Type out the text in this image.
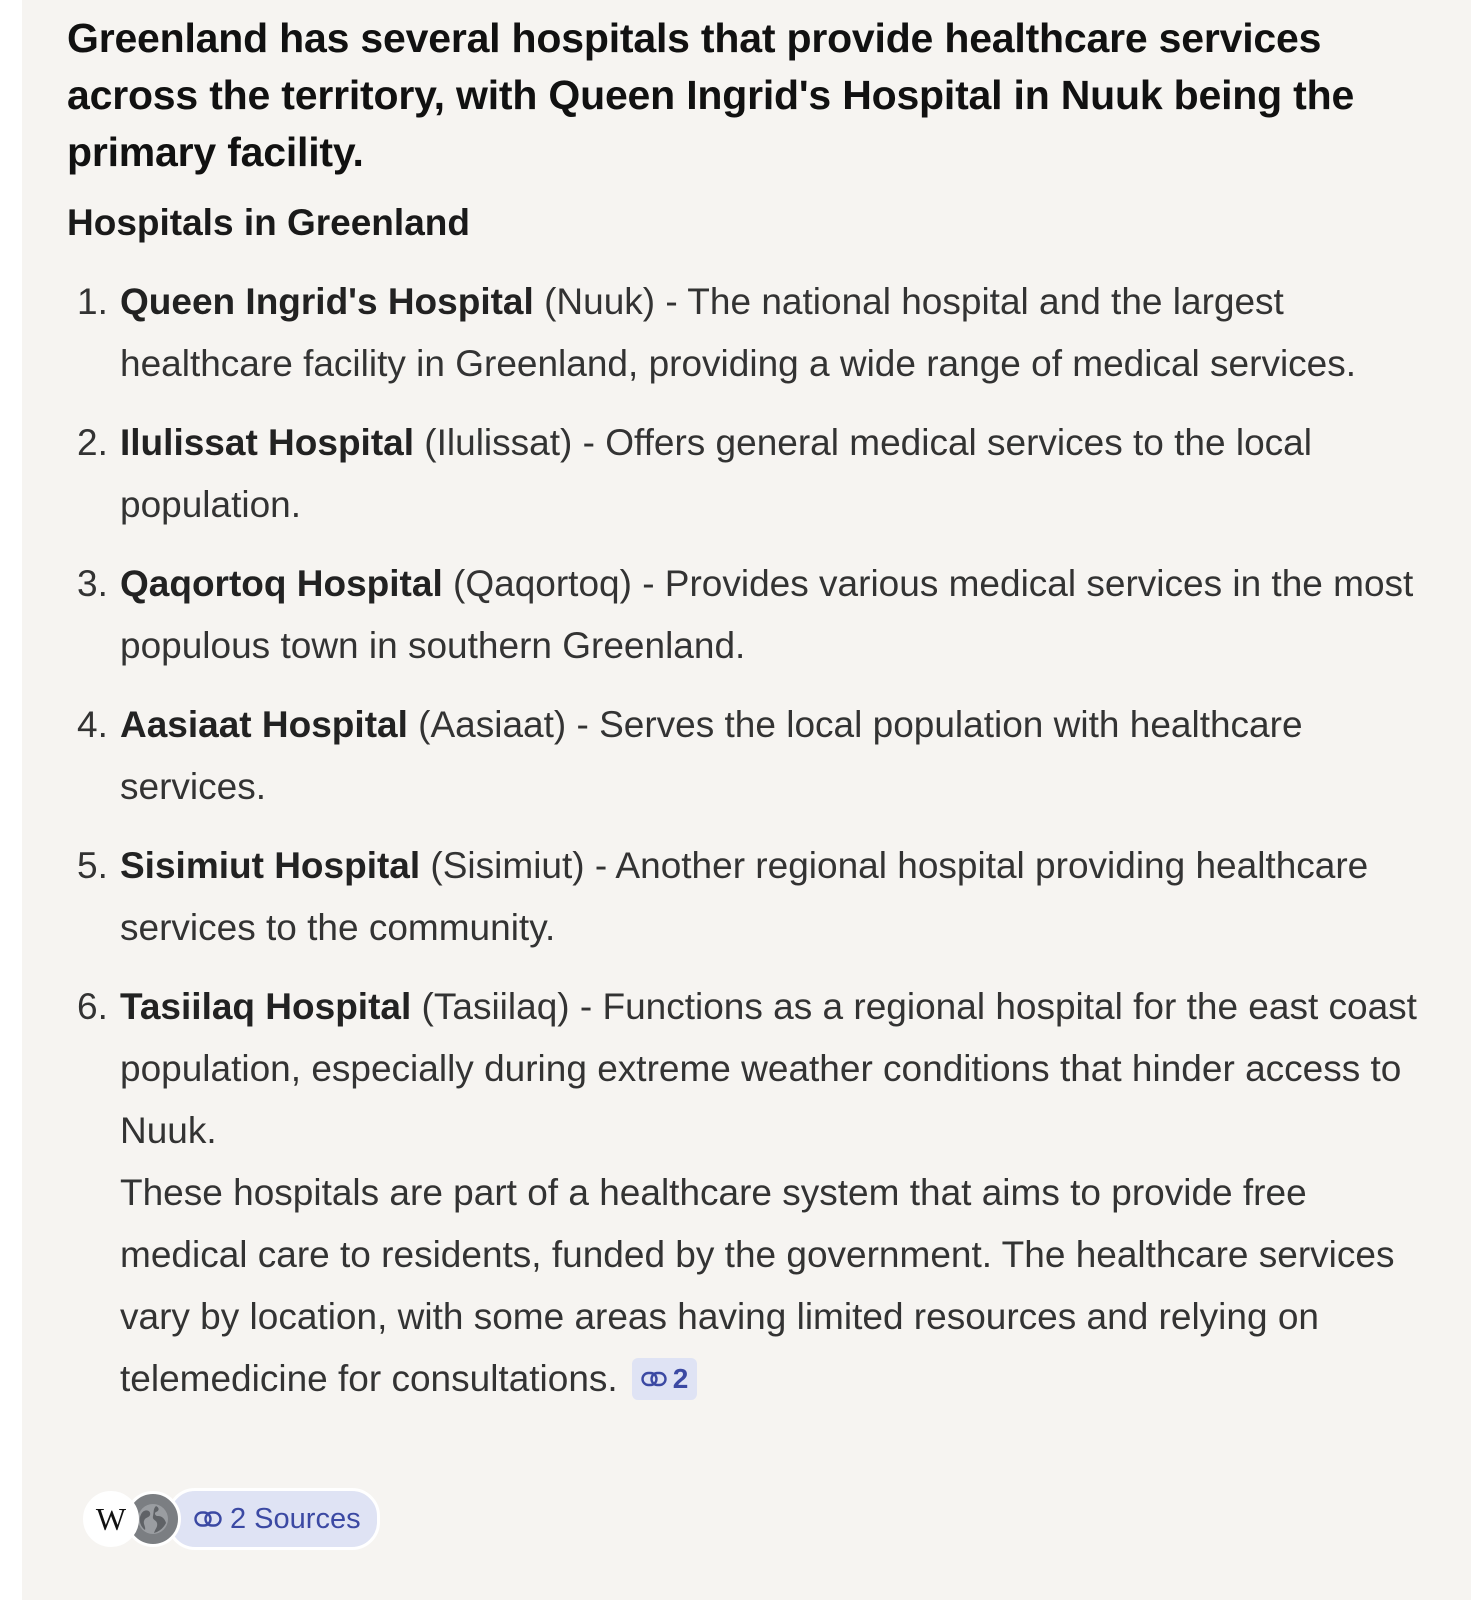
Greenland has several hospitals that provide healthcare services across the territory, with Queen Ingrid's Hospital in Nuuk being the primary facility.

Hospitals in Greenland
1. Queen Ingrid's Hospital (Nuuk) - The national hospital and the largest healthcare facility in Greenland, providing a wide range of medical services.
2. Ilulissat Hospital (Ilulissat) - Offers general medical services to the local population.
3. Qaqortoq Hospital (Qaqortoq) - Provides various medical services in the most populous town in southern Greenland.
4. Aasiaat Hospital (Aasiaat) - Serves the local population with healthcare services.
5. Sisimiut Hospital (Sisimiut) - Another regional hospital providing healthcare services to the community.
6. Tasiilaq Hospital (Tasiilaq) - Functions as a regional hospital for the east coast population, especially during extreme weather conditions that hinder access to Nuuk.
These hospitals are part of a healthcare system that aims to provide free medical care to residents, funded by the government. The healthcare services vary by location, with some areas having limited resources and relying on telemedicine for consultations. 2
W	2 Sources
